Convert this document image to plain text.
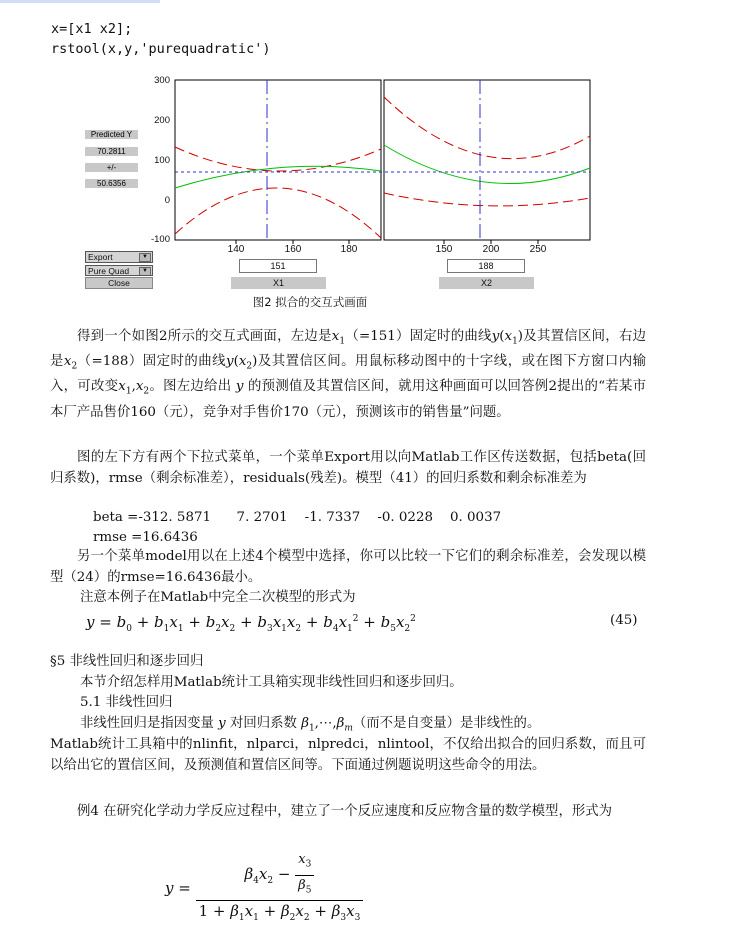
x=[x1 x2];
rstool(x,y,'purequadratic')
300
200
100
0
-100
140	160	180	150	200	250
Predicted Y
70.2811
+/-
50.6356
Export	▼
Pure Quad	▼
Close
151	188
X1	X2
图2 拟合的交互式画面

得到一个如图2所示的交互式画面，左边是$x_1(=151)$固定时的曲线$y(x_1)$及其置信区间，右边是$x_2(=188)$固定时的曲线$y(x_2)$及其置信区间。用鼠标移动图中的十字线，或在图下方窗口内输入，可改变$x_1,x_2$。图左边给出 y 的预测值及其置信区间，就用这种画面可以回答例2提出的“若某市本厂产品售价160（元），竞争对手售价170（元），预测该市的销售量”问题。

图的左下方有两个下拉式菜单，一个菜单Export用以向Matlab工作区传送数据，包括beta(回归系数)，rmse（剩余标准差），residuals(残差)。模型（41）的回归系数和剩余标准差为

beta =-312. 5871      7. 2701    -1. 7337    -0. 0228    0. 0037
rmse =16.6436

另一个菜单model用以在上述4个模型中选择，你可以比较一下它们的剩余标准差，会发现以模型（24）的rmse=16.6436最小。

注意本例子在Matlab中完全二次模型的形式为
$y = b_0 + b_1x_1 + b_2x_2 + b_3x_1x_2 + b_4x_1^2 + b_5x_2^2$	(45)
§5 非线性回归和逐步回归
本节介绍怎样用Matlab统计工具箱实现非线性回归和逐步回归。
5.1 非线性回归
非线性回归是指因变量 y 对回归系数 $\beta_1,\cdots,\beta_m$（而不是自变量）是非线性的。

Matlab统计工具箱中的nlinfit，nlparci，nlpredci，nlintool，不仅给出拟合的回归系数，而且可以给出它的置信区间，及预测值和置信区间等。下面通过例题说明这些命令的用法。

例4 在研究化学动力学反应过程中，建立了一个反应速度和反应物含量的数学模型，形式为

$y = \frac{\beta_4x_2 - \frac{x_3}{\beta_5}}{1 + \beta_1x_1 + \beta_2x_2 + \beta_3x_3}$
